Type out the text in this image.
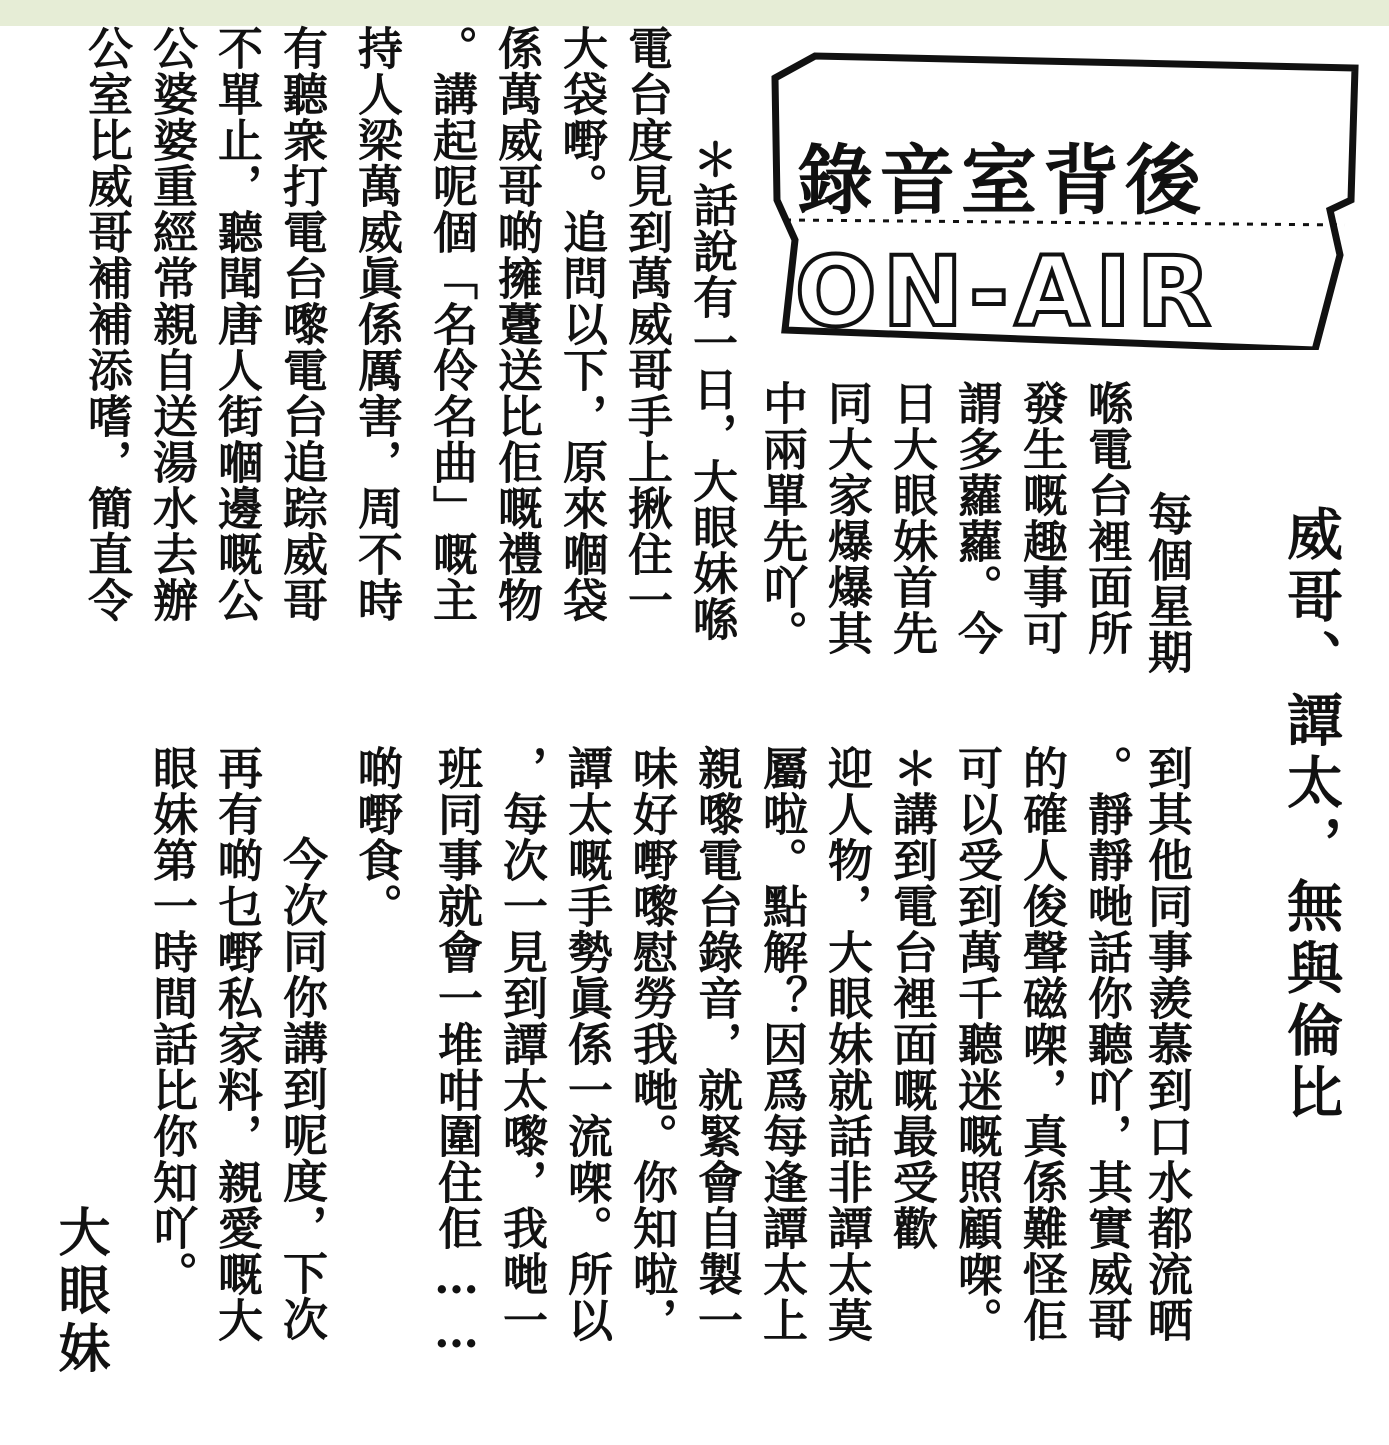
錄音室背後
ON-AIR
威哥、譚太，無與倫比
　每個星期
喺電台裡面所
發生嘅趣事可
謂多蘿蘿。今
日大眼妹首先
同大家爆爆其
中兩單先吖。
到其他同事羨慕到口水都流晒
。靜靜哋話你聽吖，其實威哥
的確人俊聲磁㗎，真係難怪佢
可以受到萬千聽迷嘅照顧㗎。
＊講到電台裡面嘅最受歡
迎人物，大眼妹就話非譚太莫
屬啦。點解？因爲每逢譚太上
親嚟電台錄音，就緊會自製一
味好嘢嚟慰勞我哋。你知啦，
譚太嘅手勢眞係一流㗎。所以
，每次一見到譚太嚟，我哋一
班同事就會一堆咁圍住佢……
啲嘢食。
　今次同你講到呢度，下次
再有啲乜嘢私家料，親愛嘅大
眼妹第一時間話比你知吖。
　＊話說有一日，大眼妹喺
電台度見到萬威哥手上揪住一
大袋嘢。追問以下，原來嗰袋
係萬威哥啲擁躉送比佢嘅禮物
。講起呢個「名伶名曲」嘅主
持人梁萬威眞係厲害，周不時
有聽衆打電台嚟電台追踪威哥
不單止，聽聞唐人街嗰邊嘅公
公婆婆重經常親自送湯水去辦
公室比威哥補補添嗜，簡直令
大眼妹
